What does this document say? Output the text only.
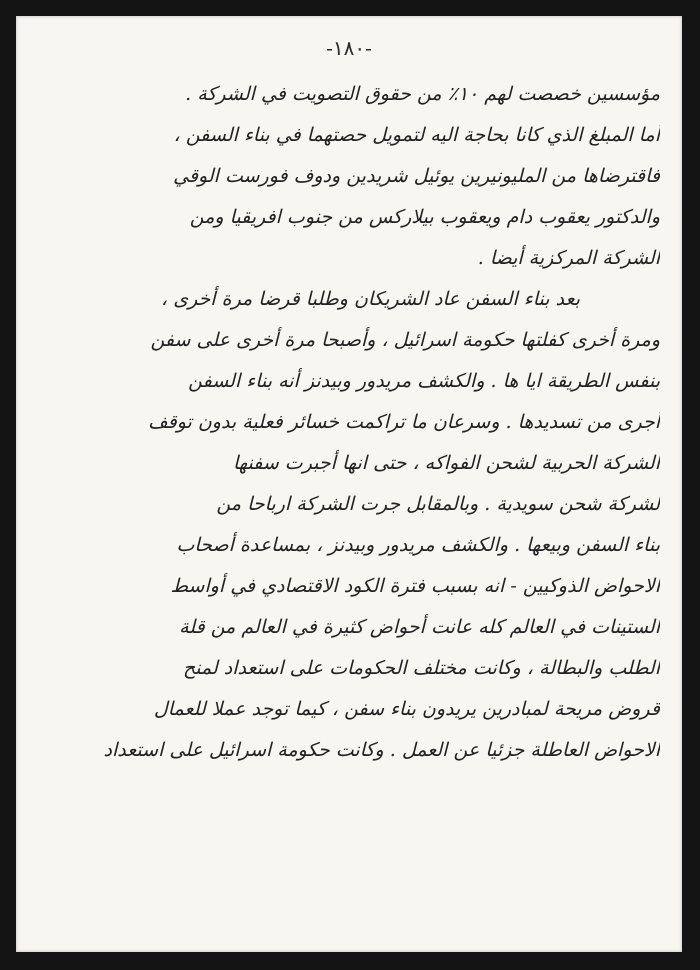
-١٨٠-
مؤسسين خصصت لهم ١٠٪ من حقوق التصويت في الشركة .
أما المبلغ الذي كانا بحاجة اليه لتمويل حصتهما في بناء السفن ،
فاقترضاها من المليونيرين يوئيل شريدين ودوف فورست الوقي
والدكتور يعقوب دام ويعقوب بيلاركس من جنوب افريقيا ومن
الشركة المركزية أيضا .
بعد بناء السفن عاد الشريكان وطلبا قرضا مرة أخرى ،
ومرة أخرى كفلتها حكومة اسرائيل ، وأصبحا مرة أخرى على سفن
بنفس الطريقة ايا ها . والكشف مريدور وبيدنز أنه بناء السفن
أجرى من تسديدها . وسرعان ما تراكمت خسائر فعلية بدون توقف
الشركة الحربية لشحن الفواكه ، حتى انها أجبرت سفنها
لشركة شحن سويدية . وبالمقابل جرت الشركة ارباحا من
بناء السفن وبيعها . والكشف مريدور وبيدنز ، بمساعدة أصحاب
الاحواض الذوكيين - انه بسبب فترة الكود الاقتصادي في أواسط
الستينات في العالم كله عانت أحواض كثيرة في العالم من قلة
الطلب والبطالة ، وكانت مختلف الحكومات على استعداد لمنح
قروض مريحة لمبادرين يريدون بناء سفن ، كيما توجد عملا للعمال
الاحواض العاطلة جزئيا عن العمل . وكانت حكومة اسرائيل على استعداد
